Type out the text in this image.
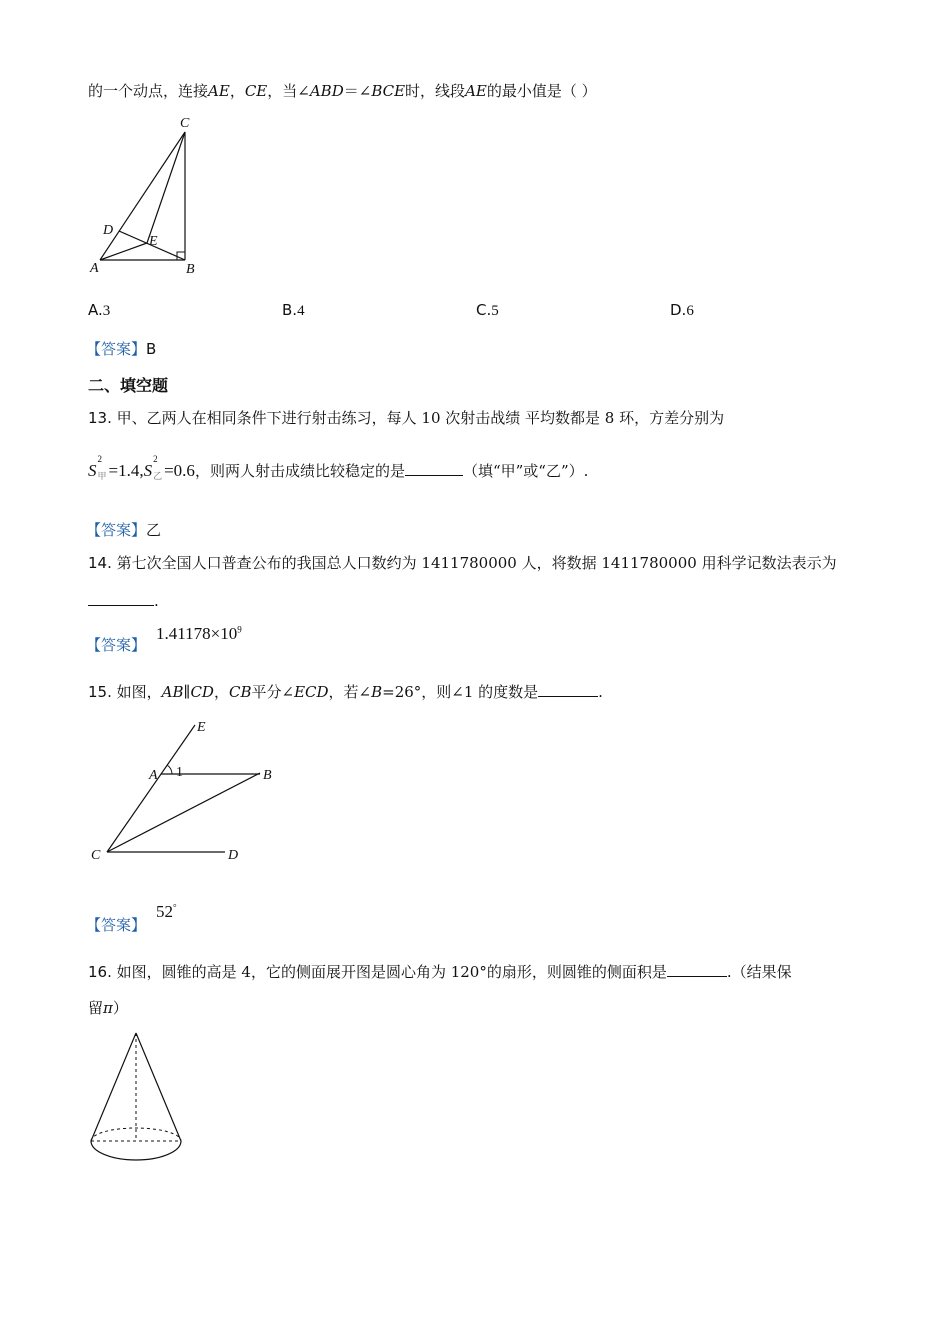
的一个动点，连接AE，CE，当∠ABD＝∠BCE时，线段AE的最小值是（ ）
C
D
E
A	B
A.3	B.4	C.5	D.6
【答案】B
二、填空题
13. 甲、乙两人在相同条件下进行射击练习，每人 10 次射击战绩 平均数都是 8 环，方差分别为
S
2
甲 =1.4,S
2
乙 =0.6，则两人射击成绩比较稳定的是	（填“甲”或“乙”）.
【答案】乙
14. 第七次全国人口普查公布的我国总人口数约为 1411780000 人，将数据 1411780000 用科学记数法表示为
.
【答案】
$1.41178\times 10^9$
15. 如图，AB∥CD，CB平分∠ECD，若∠B=26°，则∠1 的度数是	.
E
A 1	B
C	D
【答案】
52°
16. 如图，圆锥的高是 4，它的侧面展开图是圆心角为 120°的扇形，则圆锥的侧面积是	.（结果保
留π）
